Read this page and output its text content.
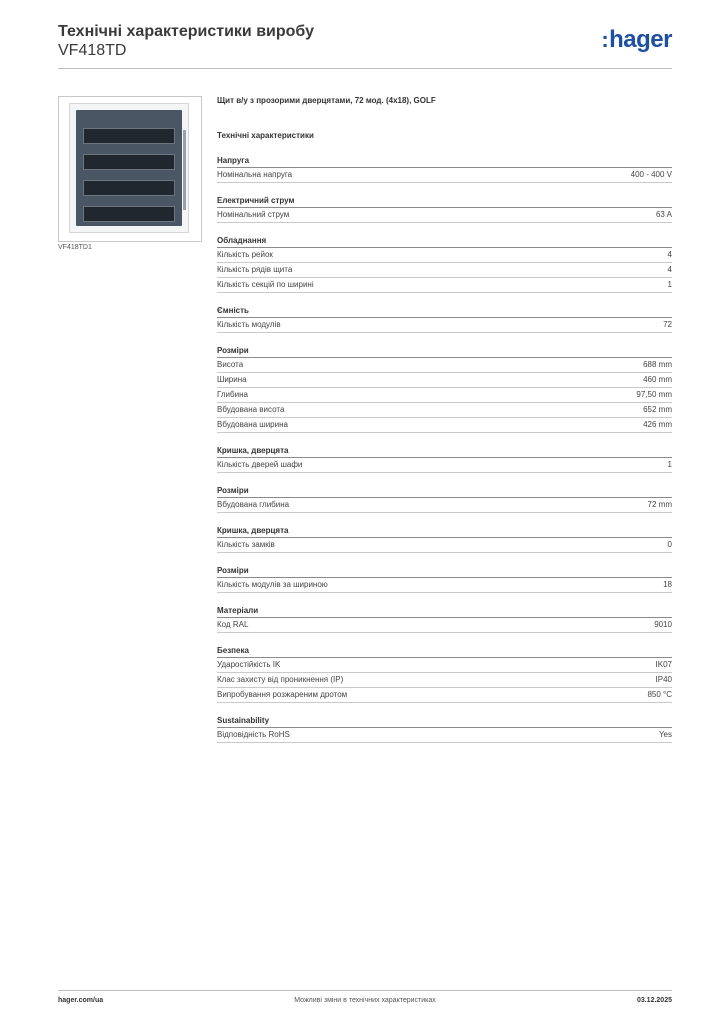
Технічні характеристики виробу
VF418TD	:hager
VF418TD1
Щит в/у з прозорими дверцятами, 72 мод. (4х18), GOLF
Технічні характеристики
Напруга
Номінальна напруга	400 - 400 V
Електричний струм
Номінальний струм	63 A
Обладнання
Кількість рейок	4
Кількість рядів щита	4
Кількість секцій по ширині	1
Ємність
Кількість модулів	72
Розміри
Висота	688 mm
Ширина	460 mm
Глибина	97,50 mm
Вбудована висота	652 mm
Вбудована ширина	426 mm
Кришка, дверцята
Кількість дверей шафи	1
Розміри
Вбудована глибина	72 mm
Кришка, дверцята
Кількість замків	0
Розміри
Кількість модулів за шириною	18
Матеріали
Код RAL	9010
Безпека
Ударостійкість IK	IK07
Клас захисту від проникнення (IP)	IP40
Випробування розжареним дротом	850 °C
Sustainability
Відповідність RoHS	Yes
hager.com/ua	Можливі зміни в технічних характеристиках	03.12.2025
